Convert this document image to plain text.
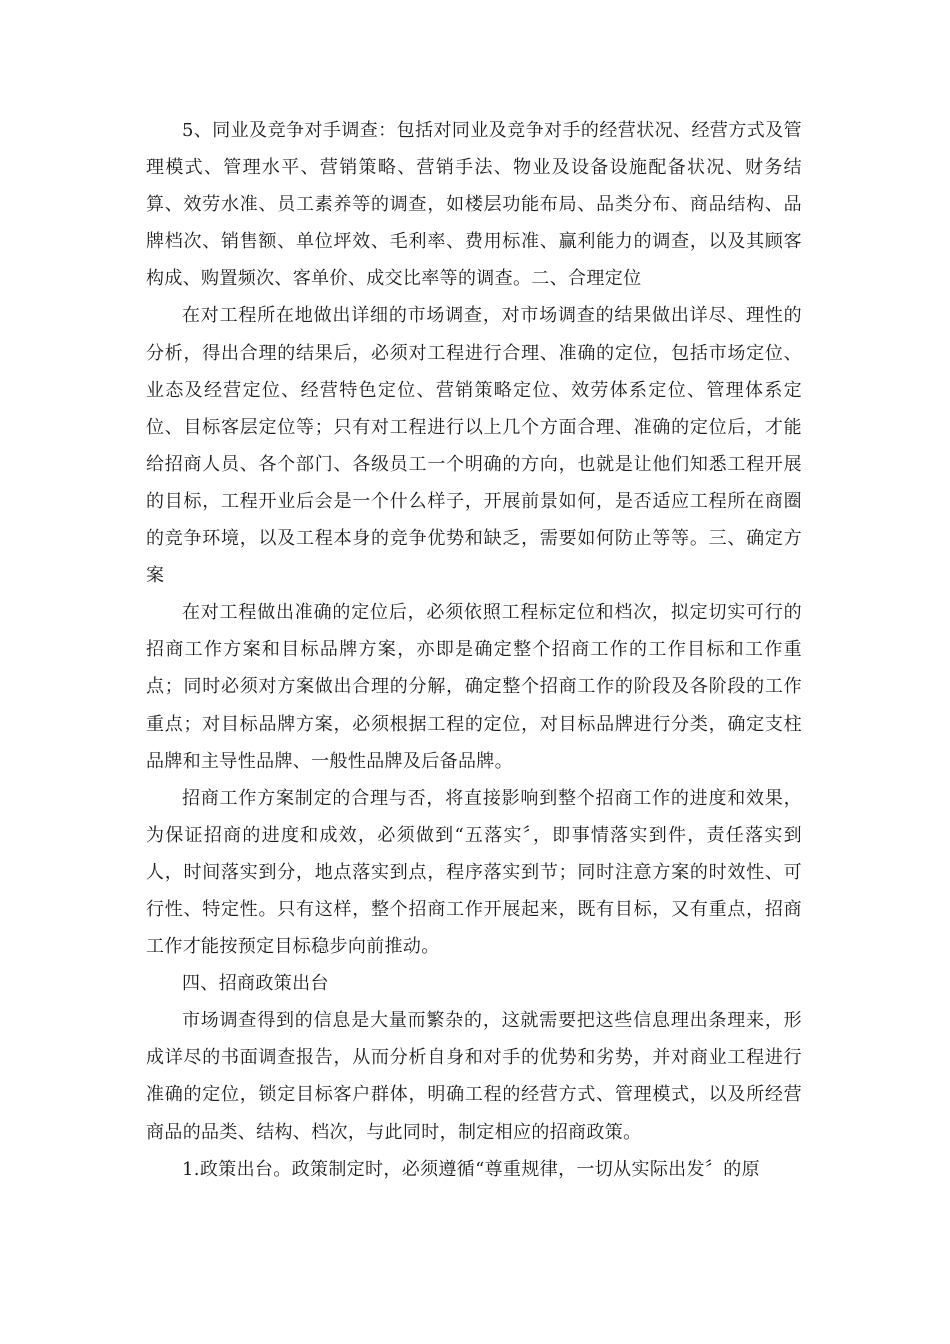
5、同业及竞争对手调查：包括对同业及竞争对手的经营状况、经营方式及管理模式、管理水平、营销策略、营销手法、物业及设备设施配备状况、财务结算、效劳水准、员工素养等的调查，如楼层功能布局、品类分布、商品结构、品牌档次、销售额、单位坪效、毛利率、费用标准、赢利能力的调查，以及其顾客构成、购置频次、客单价、成交比率等的调查。二、合理定位

在对工程所在地做出详细的市场调查，对市场调查的结果做出详尽、理性的分析，得出合理的结果后，必须对工程进行合理、准确的定位，包括市场定位、业态及经营定位、经营特色定位、营销策略定位、效劳体系定位、管理体系定位、目标客层定位等；只有对工程进行以上几个方面合理、准确的定位后，才能给招商人员、各个部门、各级员工一个明确的方向，也就是让他们知悉工程开展的目标，工程开业后会是一个什么样子，开展前景如何，是否适应工程所在商圈的竞争环境，以及工程本身的竞争优势和缺乏，需要如何防止等等。三、确定方案

在对工程做出准确的定位后，必须依照工程标定位和档次，拟定切实可行的招商工作方案和目标品牌方案，亦即是确定整个招商工作的工作目标和工作重点；同时必须对方案做出合理的分解，确定整个招商工作的阶段及各阶段的工作重点；对目标品牌方案，必须根据工程的定位，对目标品牌进行分类，确定支柱品牌和主导性品牌、一般性品牌及后备品牌。

招商工作方案制定的合理与否，将直接影响到整个招商工作的进度和效果，为保证招商的进度和成效，必须做到“五落实〞，即事情落实到件，责任落实到人，时间落实到分，地点落实到点，程序落实到节；同时注意方案的时效性、可行性、特定性。只有这样，整个招商工作开展起来，既有目标，又有重点，招商工作才能按预定目标稳步向前推动。

四、招商政策出台

市场调查得到的信息是大量而繁杂的，这就需要把这些信息理出条理来，形成详尽的书面调查报告，从而分析自身和对手的优势和劣势，并对商业工程进行准确的定位，锁定目标客户群体，明确工程的经营方式、管理模式，以及所经营商品的品类、结构、档次，与此同时，制定相应的招商政策。

1.政策出台。政策制定时，必须遵循“尊重规律，一切从实际出发〞的原
